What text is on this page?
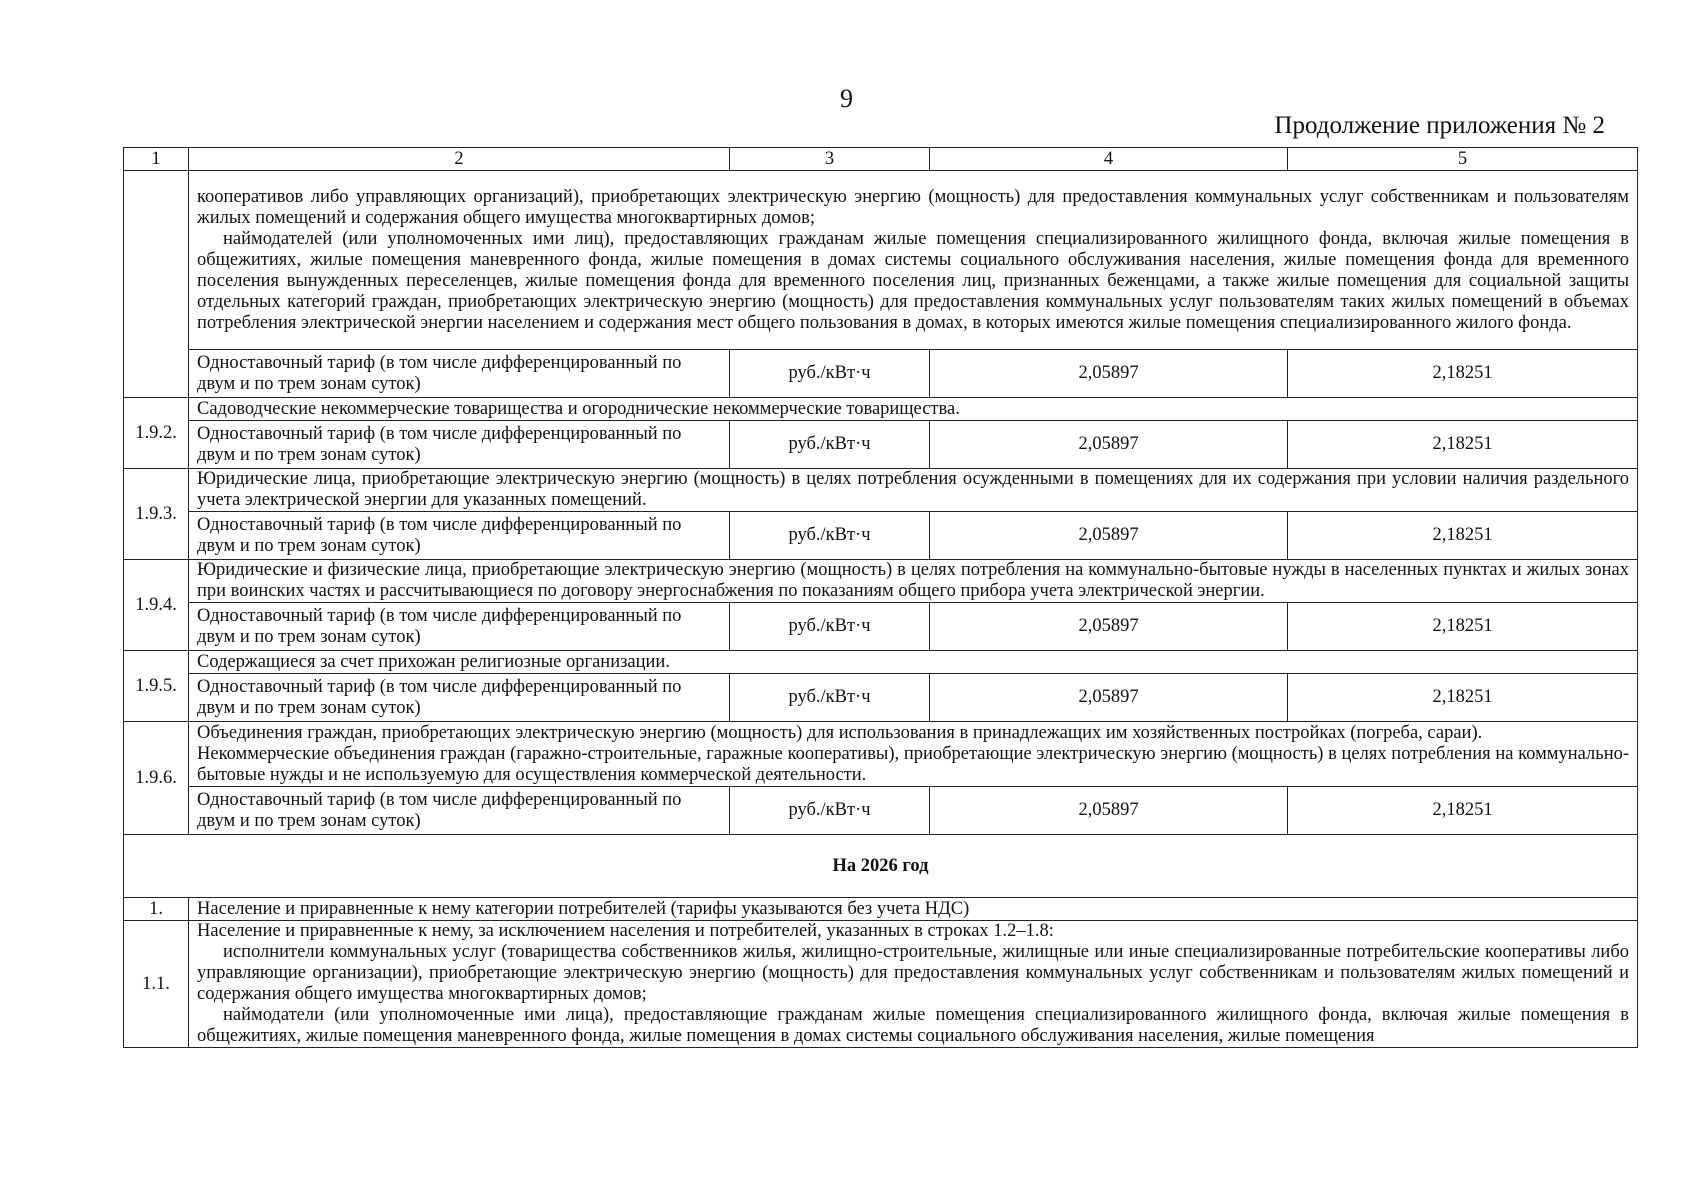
9
Продолжение приложения № 2
1	2	3	4	5

	кооперативов либо управляющих организаций), приобретающих электрическую энергию (мощность) для предоставления коммунальных услуг собственникам и пользователям жилых помещений и содержания общего имущества многоквартирных домов;

наймодателей (или уполномоченных ими лиц), предоставляющих гражданам жилые помещения специализированного жилищного фонда, включая жилые помещения в общежитиях, жилые помещения маневренного фонда, жилые помещения в домах системы социального обслуживания населения, жилые помещения фонда для временного поселения вынужденных переселенцев, жилые помещения фонда для временного поселения лиц, признанных беженцами, а также жилые помещения для социальной защиты отдельных категорий граждан, приобретающих электрическую энергию (мощность) для предоставления коммунальных услуг пользователям таких жилых помещений в объемах потребления электрической энергии населением и содержания мест общего пользования в домах, в которых имеются жилые помещения специализированного жилого фонда.			

	Одноставочный тариф (в том числе дифференцированный по двум и по трем зонам суток)	руб./кВт·ч	2,05897	2,18251
1.9.2.	Садоводческие некоммерческие товарищества и огороднические некоммерческие товарищества.			

	Одноставочный тариф (в том числе дифференцированный по двум и по трем зонам суток)	руб./кВт·ч	2,05897	2,18251
1.9.3.	Юридические лица, приобретающие электрическую энергию (мощность) в целях потребления осужденными в помещениях для их содержания при условии наличия раздельного учета электрической энергии для указанных помещений.			

	Одноставочный тариф (в том числе дифференцированный по двум и по трем зонам суток)	руб./кВт·ч	2,05897	2,18251
1.9.4.	Юридические и физические лица, приобретающие электрическую энергию (мощность) в целях потребления на коммунально-бытовые нужды в населенных пунктах и жилых зонах при воинских частях и рассчитывающиеся по договору энергоснабжения по показаниям общего прибора учета электрической энергии.			

	Одноставочный тариф (в том числе дифференцированный по двум и по трем зонам суток)	руб./кВт·ч	2,05897	2,18251
1.9.5.	Содержащиеся за счет прихожан религиозные организации.			

	Одноставочный тариф (в том числе дифференцированный по двум и по трем зонам суток)	руб./кВт·ч	2,05897	2,18251
1.9.6.	Объединения граждан, приобретающих электрическую энергию (мощность) для использования в принадлежащих им хозяйственных постройках (погреба, сараи).

Некоммерческие объединения граждан (гаражно-строительные, гаражные кооперативы), приобретающие электрическую энергию (мощность) в целях потребления на коммунально-бытовые нужды и не используемую для осуществления коммерческой деятельности.			

	Одноставочный тариф (в том числе дифференцированный по двум и по трем зонам суток)	руб./кВт·ч	2,05897	2,18251
На 2026 год				
1.	Население и приравненные к нему категории потребителей (тарифы указываются без учета НДС)			
1.1.	Население и приравненные к нему, за исключением населения и потребителей, указанных в строках 1.2–1.8:

исполнители коммунальных услуг (товарищества собственников жилья, жилищно-строительные, жилищные или иные специализированные потребительские кооперативы либо управляющие организации), приобретающие электрическую энергию (мощность) для предоставления коммунальных услуг собственникам и пользователям жилых помещений и содержания общего имущества многоквартирных домов;

наймодатели (или уполномоченные ими лица), предоставляющие гражданам жилые помещения специализированного жилищного фонда, включая жилые помещения в общежитиях, жилые помещения маневренного фонда, жилые помещения в домах системы социального обслуживания населения, жилые помещения			
